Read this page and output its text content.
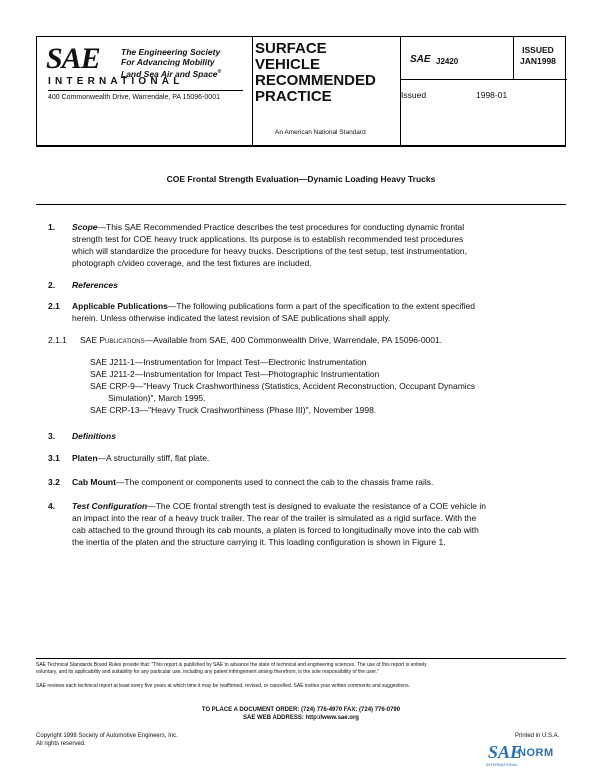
SAE	The Engineering Society
For Advancing Mobility
Land Sea Air and Space®
INTERNATIONAL
400 Commonwealth Drive, Warrendale, PA 15096-0001
SURFACE
VEHICLE
RECOMMENDED
PRACTICE
An American National Standard
SAE J2420
Issued	1998-01
ISSUED
JAN1998
COE Frontal Strength Evaluation—Dynamic Loading Heavy Trucks
1. Scope—This SAE Recommended Practice describes the test procedures for conducting dynamic frontal
strength test for COE heavy truck applications. Its purpose is to establish recommended test procedures
which will standardize the procedure for heavy trucks. Descriptions of the test setup, test instrumentation,
photograph c/video coverage, and the test fixtures are included.
2. References
2.1 Applicable Publications—The following publications form a part of the specification to the extent specified
herein. Unless otherwise indicated the latest revision of SAE publications shall apply.
2.1.1 SAE Publications—Available from SAE, 400 Commonwealth Drive, Warrendale, PA 15096-0001.
SAE J211-1—Instrumentation for Impact Test—Electronic Instrumentation
SAE J211-2—Instrumentation for Impact Test—Photographic Instrumentation
SAE CRP-9—"Heavy Truck Crashworthiness (Statistics, Accident Reconstruction, Occupant Dynamics
Simulation)", March 1995.
SAE CRP-13—"Heavy Truck Crashworthiness (Phase III)", November 1998.
3. Definitions
3.1 Platen—A structurally stiff, flat plate.
3.2 Cab Mount—The component or components used to connect the cab to the chassis frame rails.
4. Test Configuration—The COE frontal strength test is designed to evaluate the resistance of a COE vehicle in
an impact into the rear of a heavy truck trailer. The rear of the trailer is simulated as a rigid surface. With the
cab attached to the ground through its cab mounts, a platen is forced to longitudinally move into the cab with
the inertia of the platen and the structure carrying it. This loading configuration is shown in Figure 1.
SAE Technical Standards Board Rules provide that: "This report is published by SAE to advance the state of technical and engineering sciences. The use of this report is entirely
voluntary, and its applicability and suitability for any particular use, including any patent infringement arising therefrom, is the sole responsibility of the user."
SAE reviews each technical report at least every five years at which time it may be reaffirmed, revised, or cancelled. SAE invites your written comments and suggestions.
TO PLACE A DOCUMENT ORDER: (724) 776-4970 FAX: (724) 776-0790
SAE WEB ADDRESS: http://www.sae.org
Copyright 1998 Society of Automotive Engineers, Inc.
All rights reserved.
Printed in U.S.A.
SAE
NORM
INTERNATIONAL
